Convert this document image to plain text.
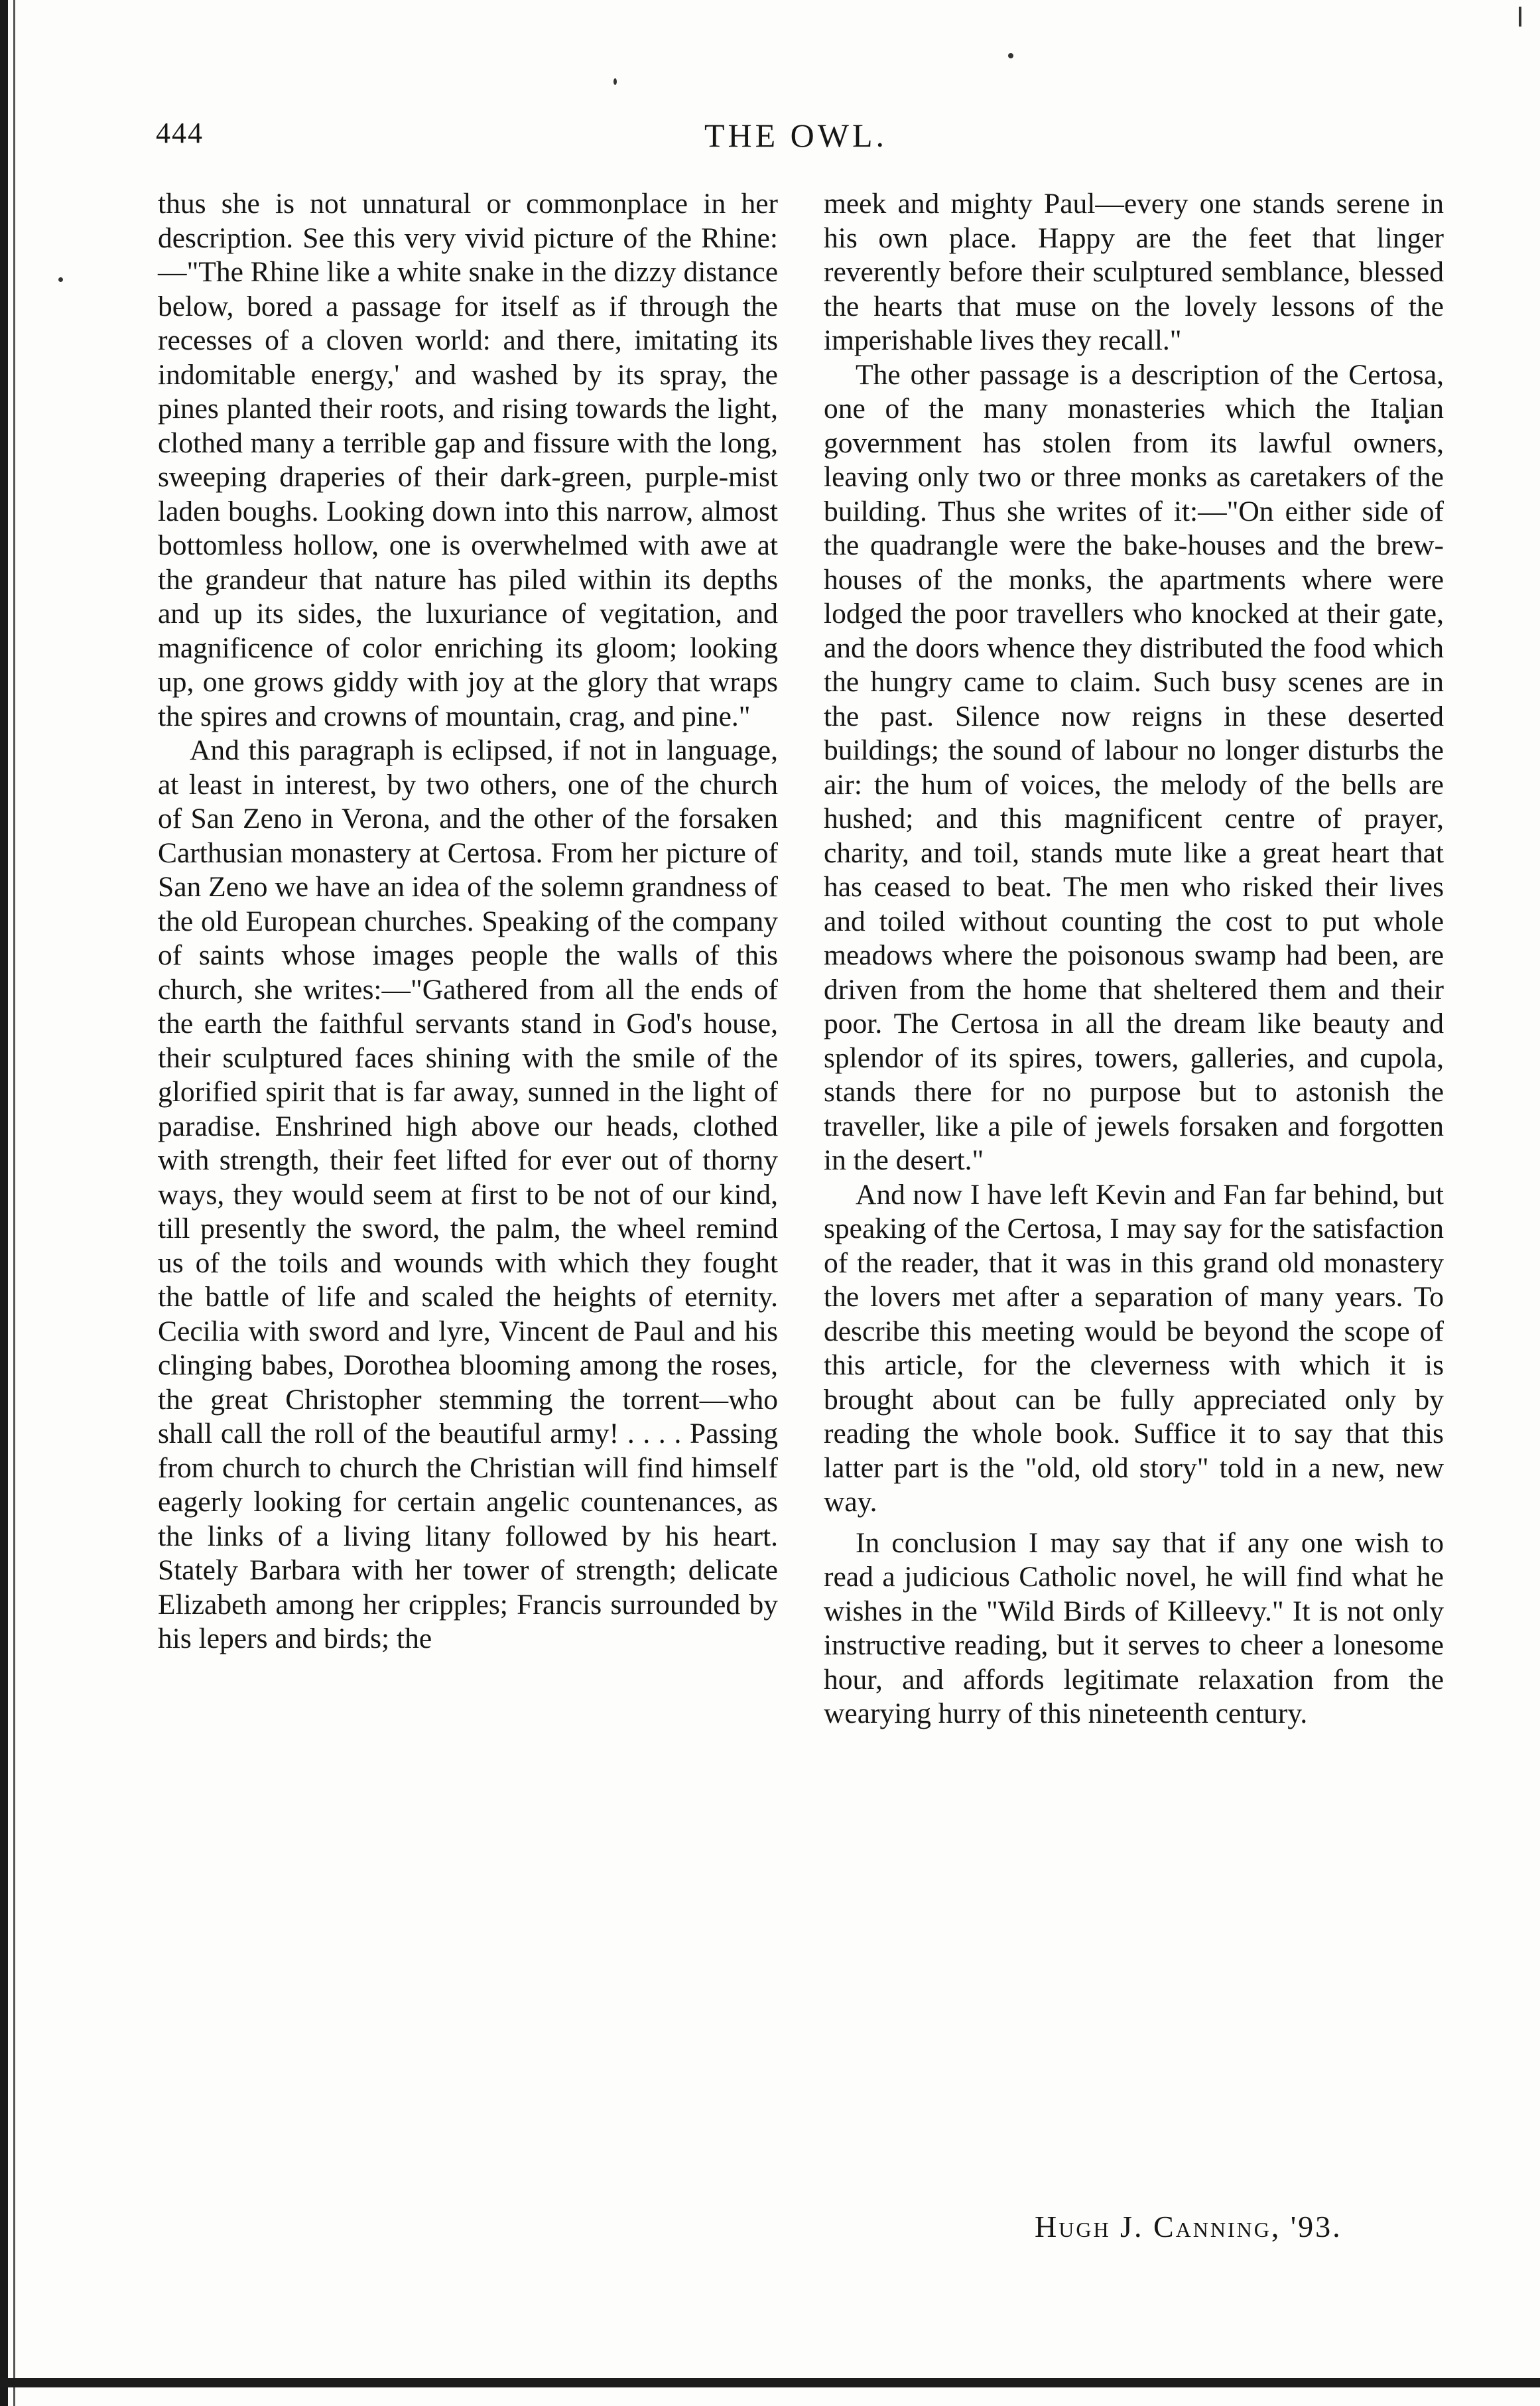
444	THE OWL.

thus she is not unnatural or commonplace in her description. See this very vivid picture of the Rhine:—"The Rhine like a white snake in the dizzy distance below, bored a passage for itself as if through the recesses of a cloven world: and there, imitating its indomitable energy,' and washed by its spray, the pines planted their roots, and rising towards the light, clothed many a terrible gap and fissure with the long, sweeping draperies of their dark-green, purple-mist laden boughs. Looking down into this narrow, almost bottomless hollow, one is overwhelmed with awe at the grandeur that nature has piled within its depths and up its sides, the luxuriance of vegitation, and magnificence of color enriching its gloom; looking up, one grows giddy with joy at the glory that wraps the spires and crowns of mountain, crag, and pine."

And this paragraph is eclipsed, if not in language, at least in interest, by two others, one of the church of San Zeno in Verona, and the other of the forsaken Carthusian monastery at Certosa. From her picture of San Zeno we have an idea of the solemn grandness of the old European churches. Speaking of the company of saints whose images people the walls of this church, she writes:—"Gathered from all the ends of the earth the faithful servants stand in God's house, their sculptured faces shining with the smile of the glorified spirit that is far away, sunned in the light of paradise. Enshrined high above our heads, clothed with strength, their feet lifted for ever out of thorny ways, they would seem at first to be not of our kind, till presently the sword, the palm, the wheel remind us of the toils and wounds with which they fought the battle of life and scaled the heights of eternity. Cecilia with sword and lyre, Vincent de Paul and his clinging babes, Dorothea blooming among the roses, the great Christopher stemming the torrent—who shall call the roll of the beautiful army! . . . . Passing from church to church the Christian will find himself eagerly looking for certain angelic countenances, as the links of a living litany followed by his heart. Stately Barbara with her tower of strength; delicate Elizabeth among her cripples; Francis surrounded by his lepers and birds; the

meek and mighty Paul—every one stands serene in his own place. Happy are the feet that linger reverently before their sculptured semblance, blessed the hearts that muse on the lovely lessons of the imperishable lives they recall."

The other passage is a description of the Certosa, one of the many monasteries which the Italian government has stolen from its lawful owners, leaving only two or three monks as caretakers of the building. Thus she writes of it:—"On either side of the quadrangle were the bake-houses and the brew-houses of the monks, the apartments where were lodged the poor travellers who knocked at their gate, and the doors whence they distributed the food which the hungry came to claim. Such busy scenes are in the past. Silence now reigns in these deserted buildings; the sound of labour no longer disturbs the air: the hum of voices, the melody of the bells are hushed; and this magnificent centre of prayer, charity, and toil, stands mute like a great heart that has ceased to beat. The men who risked their lives and toiled without counting the cost to put whole meadows where the poisonous swamp had been, are driven from the home that sheltered them and their poor. The Certosa in all the dream like beauty and splendor of its spires, towers, galleries, and cupola, stands there for no purpose but to astonish the traveller, like a pile of jewels forsaken and forgotten in the desert."

And now I have left Kevin and Fan far behind, but speaking of the Certosa, I may say for the satisfaction of the reader, that it was in this grand old monastery the lovers met after a separation of many years. To describe this meeting would be beyond the scope of this article, for the cleverness with which it is brought about can be fully appreciated only by reading the whole book. Suffice it to say that this latter part is the "old, old story" told in a new, new way.

In conclusion I may say that if any one wish to read a judicious Catholic novel, he will find what he wishes in the "Wild Birds of Killeevy." It is not only instructive reading, but it serves to cheer a lonesome hour, and affords legitimate relaxation from the wearying hurry of this nineteenth century.

Hugh J. Canning, '93.
